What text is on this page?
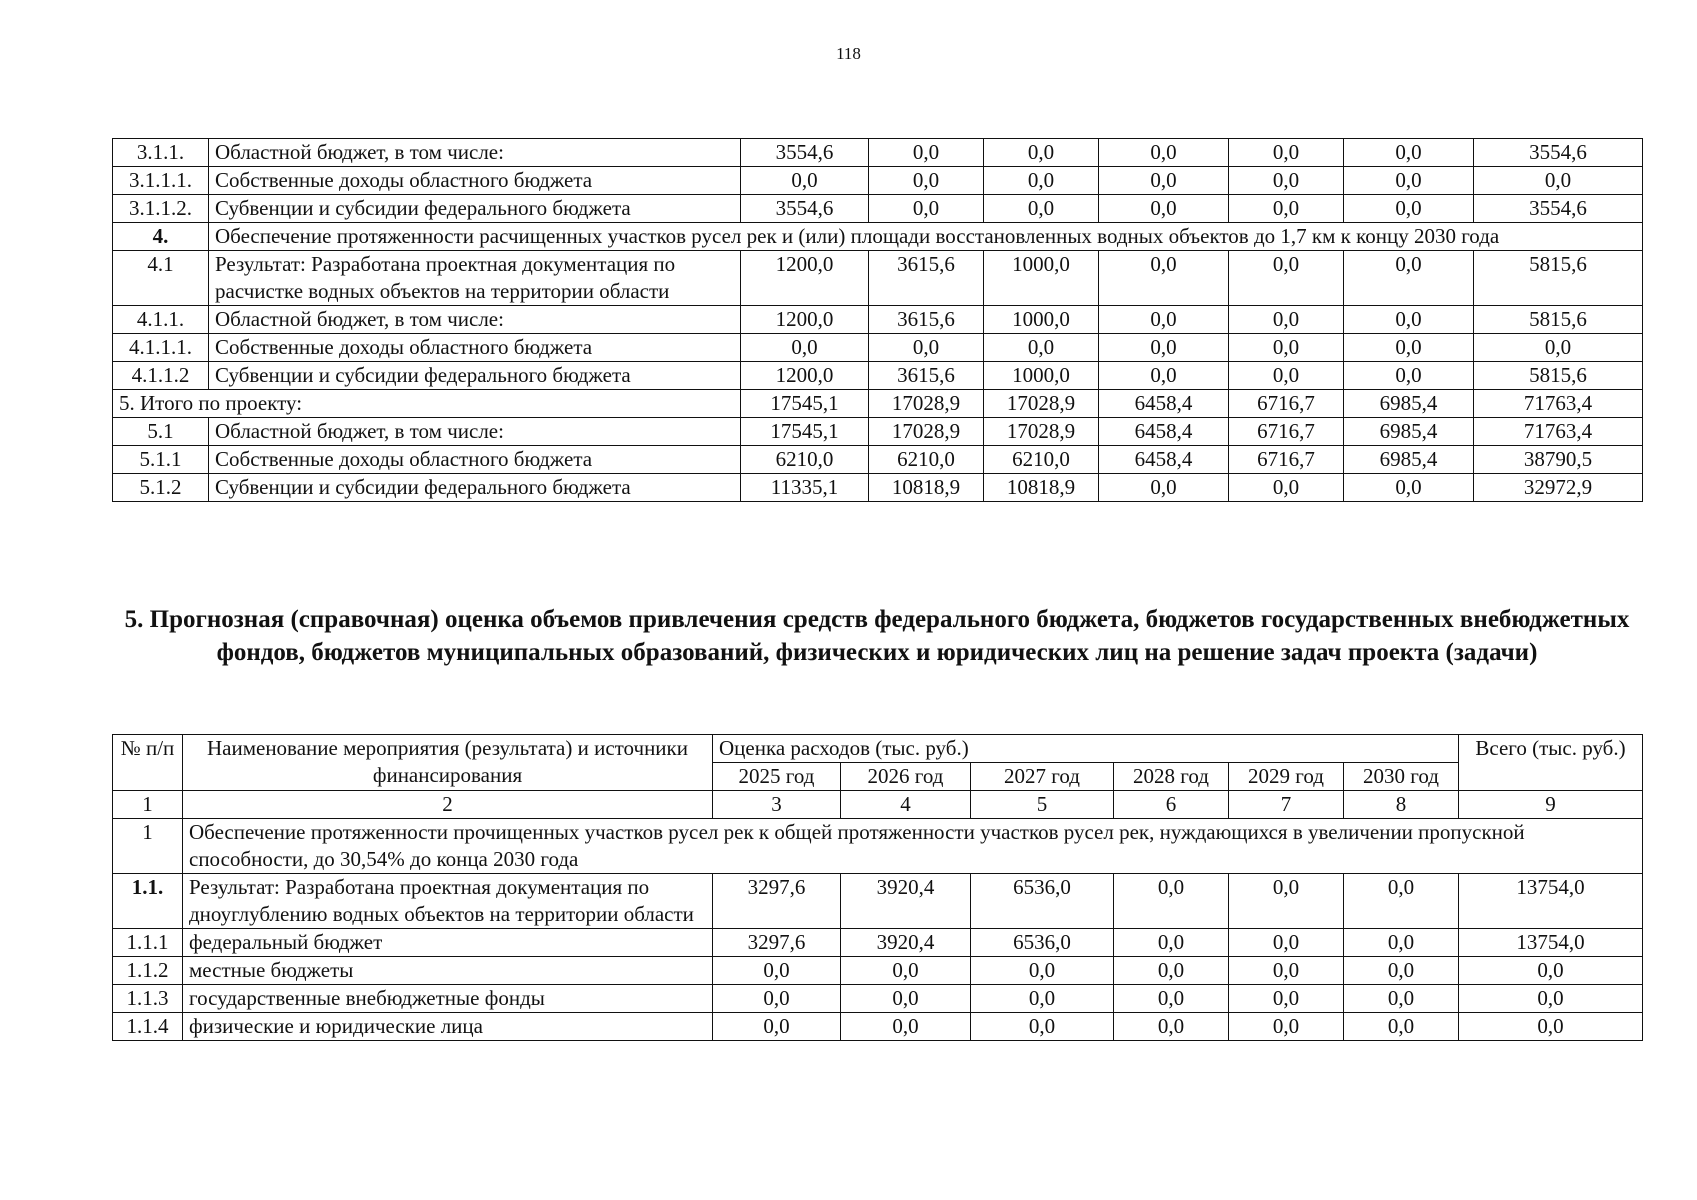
118
3.1.1.	Областной бюджет, в том числе:	3554,6	0,0	0,0	0,0	0,0	0,0	3554,6
3.1.1.1.	Собственные доходы областного бюджета	0,0	0,0	0,0	0,0	0,0	0,0	0,0
3.1.1.2.	Субвенции и субсидии федерального бюджета	3554,6	0,0	0,0	0,0	0,0	0,0	3554,6
4.	Обеспечение протяженности расчищенных участков русел рек и (или) площади восстановленных водных объектов до 1,7 км к концу 2030 года							
4.1	Результат: Разработана проектная документация по расчистке водных объектов на территории области	1200,0	3615,6	1000,0	0,0	0,0	0,0	5815,6
4.1.1.	Областной бюджет, в том числе:	1200,0	3615,6	1000,0	0,0	0,0	0,0	5815,6
4.1.1.1.	Собственные доходы областного бюджета	0,0	0,0	0,0	0,0	0,0	0,0	0,0
4.1.1.2	Субвенции и субсидии федерального бюджета	1200,0	3615,6	1000,0	0,0	0,0	0,0	5815,6
5. Итого по проекту:		17545,1	17028,9	17028,9	6458,4	6716,7	6985,4	71763,4
5.1	Областной бюджет, в том числе:	17545,1	17028,9	17028,9	6458,4	6716,7	6985,4	71763,4
5.1.1	Собственные доходы областного бюджета	6210,0	6210,0	6210,0	6458,4	6716,7	6985,4	38790,5
5.1.2	Субвенции и субсидии федерального бюджета	11335,1	10818,9	10818,9	0,0	0,0	0,0	32972,9
5. Прогнозная (справочная) оценка объемов привлечения средств федерального бюджета, бюджетов государственных внебюджетных фондов, бюджетов муниципальных образований, физических и юридических лиц на решение задач проекта (задачи)
№ п/п	Наименование мероприятия (результата) и источники финансирования	Оценка расходов (тыс. руб.)						Всего (тыс. руб.)
		2025 год	2026 год	2027 год	2028 год	2029 год	2030 год	
1	2	3	4	5	6	7	8	9
1	Обеспечение протяженности прочищенных участков русел рек к общей протяженности участков русел рек, нуждающихся в увеличении пропускной способности, до 30,54% до конца 2030 года							
1.1.	Результат: Разработана проектная документация по дноуглублению водных объектов на территории области	3297,6	3920,4	6536,0	0,0	0,0	0,0	13754,0
1.1.1	федеральный бюджет	3297,6	3920,4	6536,0	0,0	0,0	0,0	13754,0
1.1.2	местные бюджеты	0,0	0,0	0,0	0,0	0,0	0,0	0,0
1.1.3	государственные внебюджетные фонды	0,0	0,0	0,0	0,0	0,0	0,0	0,0
1.1.4	физические и юридические лица	0,0	0,0	0,0	0,0	0,0	0,0	0,0
